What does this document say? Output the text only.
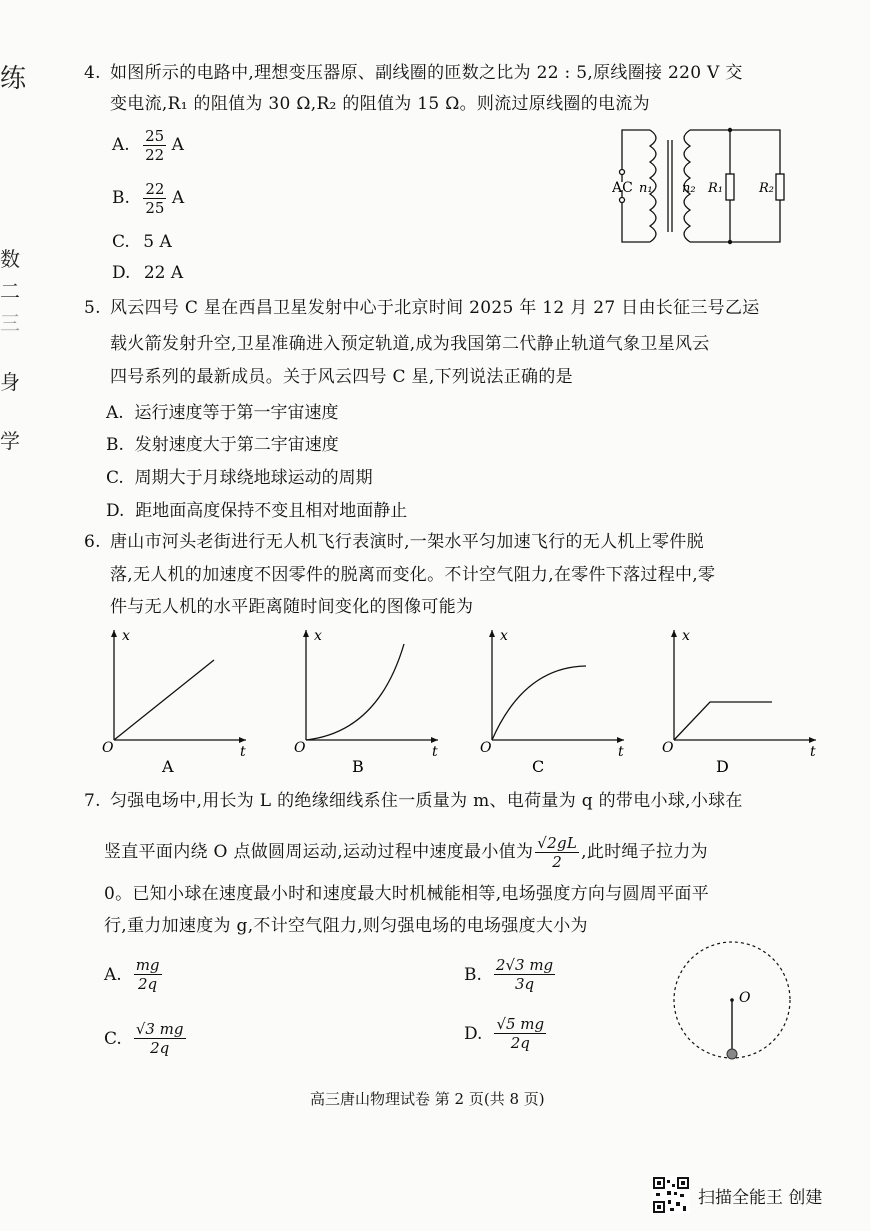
练
数
二
三
身
学
4. 如图所示的电路中,理想变压器原、副线圈的匝数之比为 22 : 5,原线圈接 220 V 交
变电流,R₁ 的阻值为 30 Ω,R₂ 的阻值为 15 Ω。则流过原线圈的电流为
A. $\frac{25}{22}$ A
B. $\frac{22}{25}$ A
C. 5 A
D. 22 A
AC n₁ n₂ R₁	R₂
5. 风云四号 C 星在西昌卫星发射中心于北京时间 2025 年 12 月 27 日由长征三号乙运
载火箭发射升空,卫星准确进入预定轨道,成为我国第二代静止轨道气象卫星风云
四号系列的最新成员。关于风云四号 C 星,下列说法正确的是
A. 运行速度等于第一宇宙速度
B. 发射速度大于第二宇宙速度
C. 周期大于月球绕地球运动的周期
D. 距地面高度保持不变且相对地面静止
6. 唐山市河头老街进行无人机飞行表演时,一架水平匀加速飞行的无人机上零件脱
落,无人机的加速度不因零件的脱离而变化。不计空气阻力,在零件下落过程中,零
件与无人机的水平距离随时间变化的图像可能为
x
t
O
A
x
t
O
B
x
t
O
C
x
t
O
D
7. 匀强电场中,用长为 L 的绝缘细线系住一质量为 m、电荷量为 q 的带电小球,小球在
竖直平面内绕 O 点做圆周运动,运动过程中速度最小值为 $\frac{√2gL}{2}$ ,此时绳子拉力为
0。已知小球在速度最小时和速度最大时机械能相等,电场强度方向与圆周平面平
行,重力加速度为 g,不计空气阻力,则匀强电场的电场强度大小为
A. $\frac{mg}{2q}$	B. $\frac{2√3 mg}{3q}$
C. $\frac{√3 mg}{2q}$	D. $\frac{√5 mg}{2q}$
O
高三唐山物理试卷 第 2 页(共 8 页)
扫描全能王 创建
